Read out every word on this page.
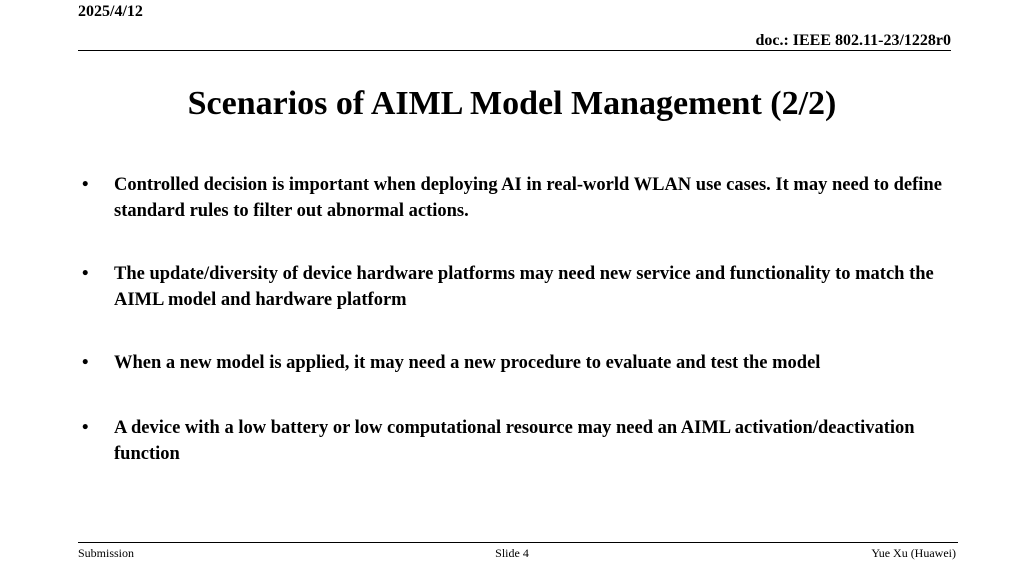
2025/4/12
doc.: IEEE 802.11-23/1228r0
Scenarios of AIML Model Management (2/2)
•	Controlled decision is important when deploying AI in real-world WLAN use cases. It may need to define standard rules to filter out abnormal actions.
•	The update/diversity of device hardware platforms may need new service and functionality to match the AIML model and hardware platform
•	When a new model is applied, it may need a new procedure to evaluate and test the model
•	A device with a low battery or low computational resource may need an AIML activation/deactivation function
Submission	Slide 4	Yue Xu (Huawei)
